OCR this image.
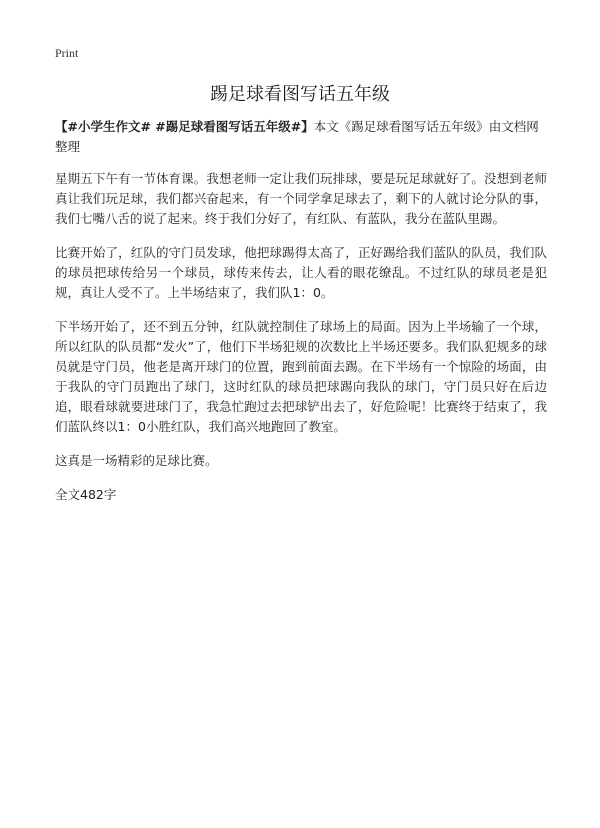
Print
踢足球看图写话五年级

【#小学生作文# #踢足球看图写话五年级#】本文《踢足球看图写话五年级》由文档网整理

星期五下午有一节体育课。我想老师一定让我们玩排球，要是玩足球就好了。没想到老师真让我们玩足球，我们都兴奋起来，有一个同学拿足球去了，剩下的人就讨论分队的事，我们七嘴八舌的说了起来。终于我们分好了，有红队、有蓝队，我分在蓝队里踢。

比赛开始了，红队的守门员发球，他把球踢得太高了，正好踢给我们蓝队的队员，我们队的球员把球传给另一个球员，球传来传去，让人看的眼花缭乱。不过红队的球员老是犯规，真让人受不了。上半场结束了，我们队1：0。

下半场开始了，还不到五分钟，红队就控制住了球场上的局面。因为上半场输了一个球，所以红队的队员都“发火”了，他们下半场犯规的次数比上半场还要多。我们队犯规多的球员就是守门员，他老是离开球门的位置，跑到前面去踢。在下半场有一个惊险的场面，由于我队的守门员跑出了球门，这时红队的球员把球踢向我队的球门，守门员只好在后边追，眼看球就要进球门了，我急忙跑过去把球铲出去了，好危险呢！比赛终于结束了，我们蓝队终以1：0小胜红队，我们高兴地跑回了教室。

这真是一场精彩的足球比赛。

全文482字
